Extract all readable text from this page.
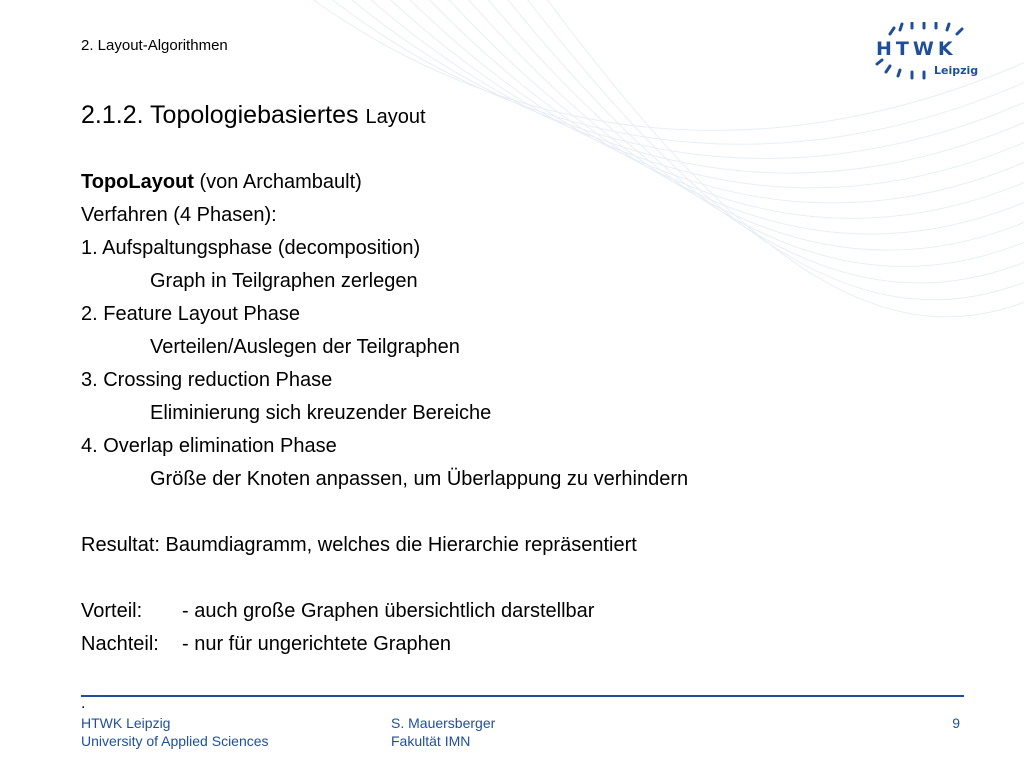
2. Layout-Algorithmen	HTWK
Leipzig
2.1.2. Topologiebasiertes Layout
TopoLayout (von Archambault)
Verfahren (4 Phasen):
1. Aufspaltungsphase (decomposition)
Graph in Teilgraphen zerlegen
2. Feature Layout Phase
Verteilen/Auslegen der Teilgraphen
3. Crossing reduction Phase
Eliminierung sich kreuzender Bereiche
4. Overlap elimination Phase
Größe der Knoten anpassen, um Überlappung zu verhindern
Resultat: Baumdiagramm, welches die Hierarchie repräsentiert
Vorteil: - auch große Graphen übersichtlich darstellbar
Nachteil: - nur für ungerichtete Graphen
.
HTWK Leipzig
University of Applied Sciences
S. Mauersberger
Fakultät IMN
9
